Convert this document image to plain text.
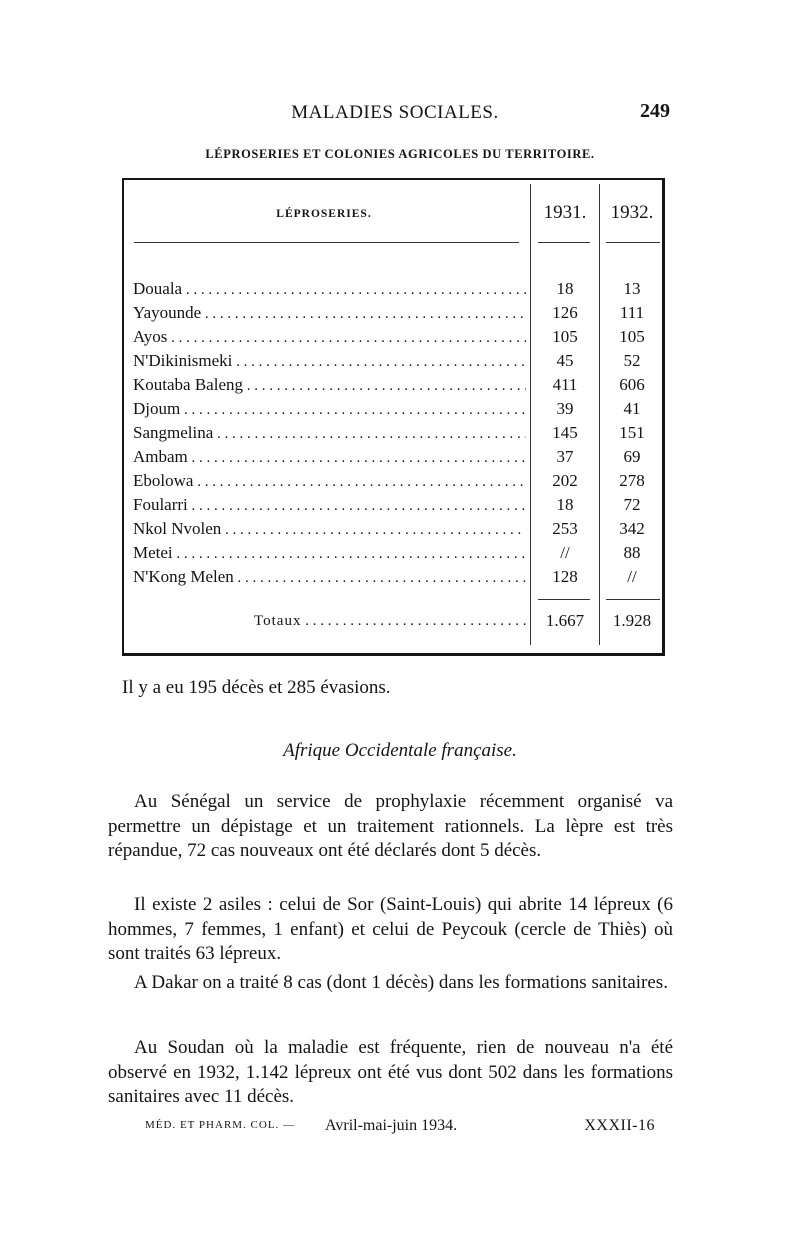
MALADIES SOCIALES.	249
LÉPROSERIES ET COLONIES AGRICOLES DU TERRITOIRE.
LÉPROSERIES.	1931.	1932.
Douala . . .	18	13
Yayounde . . .	126	111
Ayos . . .	105	105
N'Dikinismeki . . .	45	52
Koutaba Baleng . . .	411	606
Djoum . . .	39	41
Sangmelina . . .	145	151
Ambam . . .	37	69
Ebolowa . . .	202	278
Foularri . . .	18	72
Nkol Nvolen . . .	253	342
Metei . . .	//	88
N'Kong Melen . . .	128	//
Totaux . . .	1.667	1.928
Il y a eu 195 décès et 285 évasions.
Afrique Occidentale française.

Au Sénégal un service de prophylaxie récemment organisé va permettre un dépistage et un traitement rationnels. La lèpre est très répandue, 72 cas nouveaux ont été déclarés dont 5 décès.

Il existe 2 asiles : celui de Sor (Saint-Louis) qui abrite 14 lépreux (6 hommes, 7 femmes, 1 enfant) et celui de Peycouk (cercle de Thiès) où sont traités 63 lépreux.

A Dakar on a traité 8 cas (dont 1 décès) dans les formations sanitaires.

Au Soudan où la maladie est fréquente, rien de nouveau n'a été observé en 1932, 1.142 lépreux ont été vus dont 502 dans les formations sanitaires avec 11 décès.

MÉD. ET PHARM. COL. — Avril-mai-juin 1934.	XXXII-16
